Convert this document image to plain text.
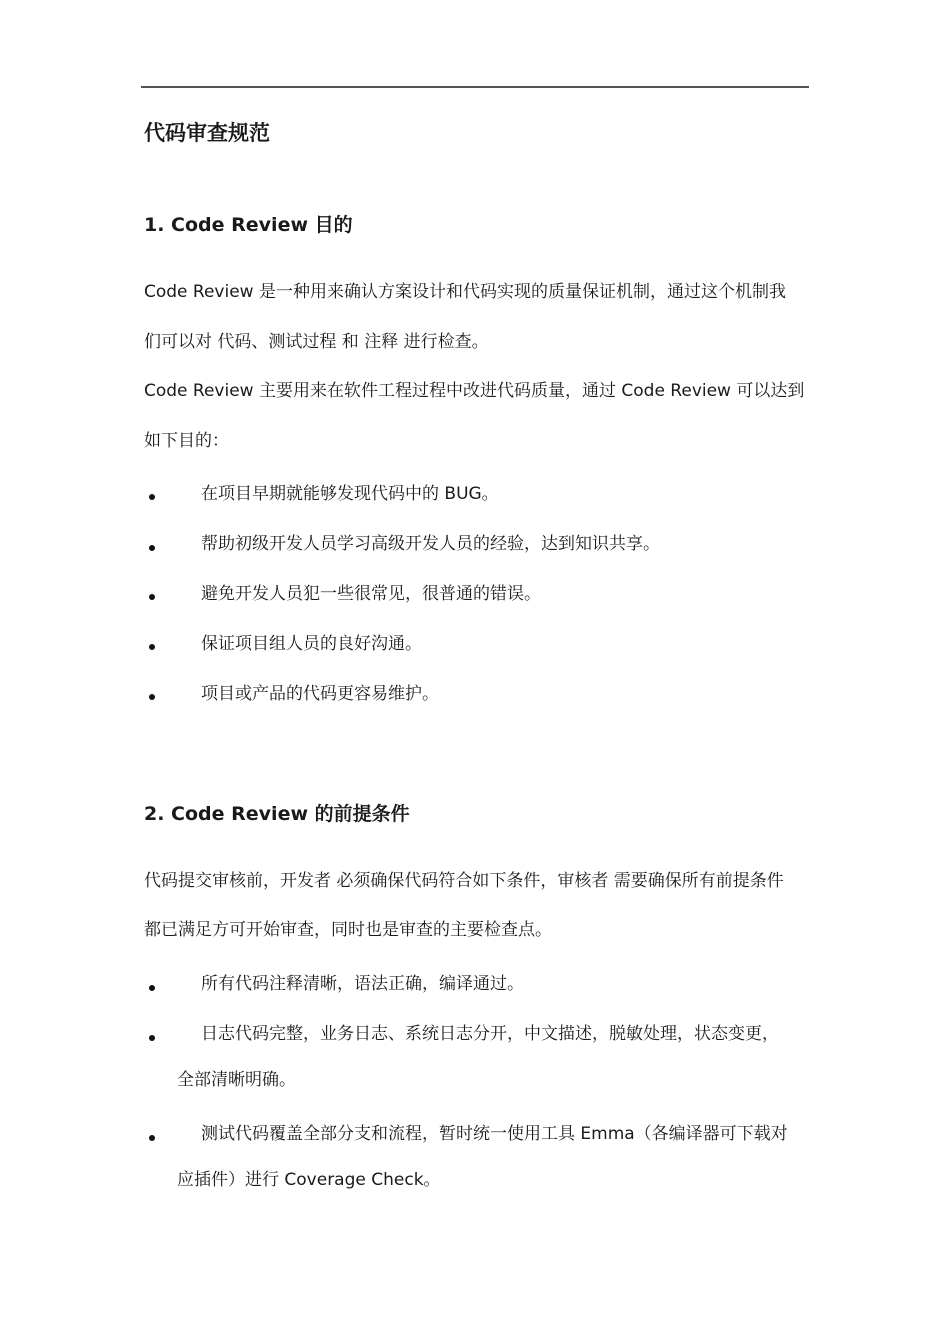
代码审查规范
1. Code Review 目的

Code Review 是一种用来确认方案设计和代码实现的质量保证机制，通过这个机制我

们可以对 代码、测试过程 和 注释 进行检查。

Code Review 主要用来在软件工程过程中改进代码质量，通过 Code Review 可以达到

如下目的：

在项目早期就能够发现代码中的 BUG。

帮助初级开发人员学习高级开发人员的经验，达到知识共享。

避免开发人员犯一些很常见，很普通的错误。

保证项目组人员的良好沟通。

项目或产品的代码更容易维护。

2. Code Review 的前提条件

代码提交审核前，开发者 必须确保代码符合如下条件，审核者 需要确保所有前提条件

都已满足方可开始审查，同时也是审查的主要检查点。

所有代码注释清晰，语法正确，编译通过。

日志代码完整，业务日志、系统日志分开，中文描述，脱敏处理，状态变更，

全部清晰明确。

测试代码覆盖全部分支和流程，暂时统一使用工具 Emma（各编译器可下载对

应插件）进行 Coverage Check。
